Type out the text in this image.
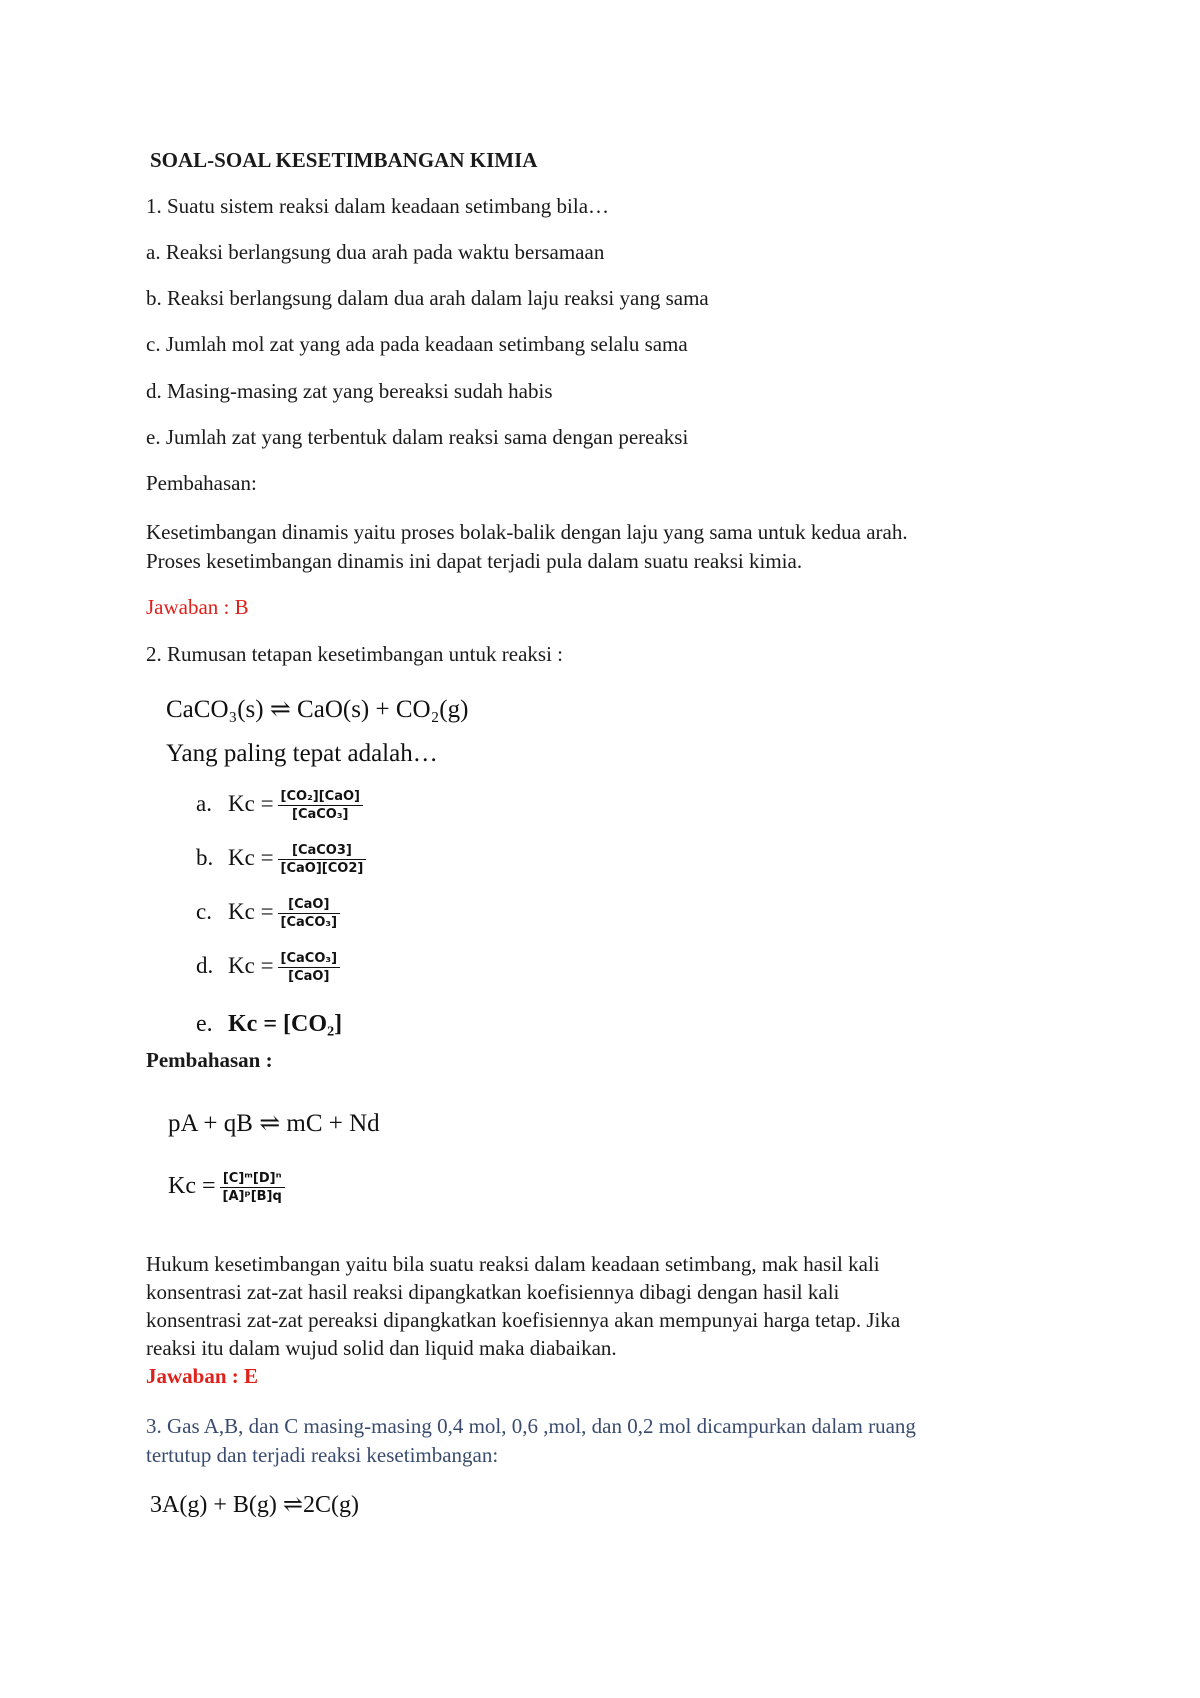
SOAL-SOAL KESETIMBANGAN KIMIA
1. Suatu sistem reaksi dalam keadaan setimbang bila…
a. Reaksi berlangsung dua arah pada waktu bersamaan
b. Reaksi berlangsung dalam dua arah dalam laju reaksi yang sama
c. Jumlah mol zat yang ada pada keadaan setimbang selalu sama
d. Masing-masing zat yang bereaksi sudah habis
e. Jumlah zat yang terbentuk dalam reaksi sama dengan pereaksi
Pembahasan:
Kesetimbangan dinamis yaitu proses bolak-balik dengan laju yang sama untuk kedua arah.
Proses kesetimbangan dinamis ini dapat terjadi pula dalam suatu reaksi kimia.
Jawaban : B
2. Rumusan tetapan kesetimbangan untuk reaksi :
CaCO₃(s) ⇌ CaO(s) + CO₂(g)
Yang paling tepat adalah…
a. $Kc = \frac{\text{[CO₂][CaO]}}{\text{[CaCO₃]}}$
b. $Kc = \frac{\text{[CaCO3]}}{\text{[CaO][CO2]}}$
c. $Kc = \frac{\text{[CaO]}}{\text{[CaCO₃]}}$
d. $Kc = \frac{\text{[CaCO₃]}}{\text{[CaO]}}$
e. Kc = [CO₂]
Pembahasan :
pA + qB ⇌ mC + Nd
$Kc = \frac{\text{[C]ᵐ[D]ⁿ}}{\text{[A]ᵖ[B]q}}$
Hukum kesetimbangan yaitu bila suatu reaksi dalam keadaan setimbang, mak hasil kali
konsentrasi zat-zat hasil reaksi dipangkatkan koefisiennya dibagi dengan hasil kali
konsentrasi zat-zat pereaksi dipangkatkan koefisiennya akan mempunyai harga tetap. Jika
reaksi itu dalam wujud solid dan liquid maka diabaikan.
Jawaban : E
3. Gas A,B, dan C masing-masing 0,4 mol, 0,6 ,mol, dan 0,2 mol dicampurkan dalam ruang
tertutup dan terjadi reaksi kesetimbangan:
3A(g) + B(g) ⇌2C(g)
